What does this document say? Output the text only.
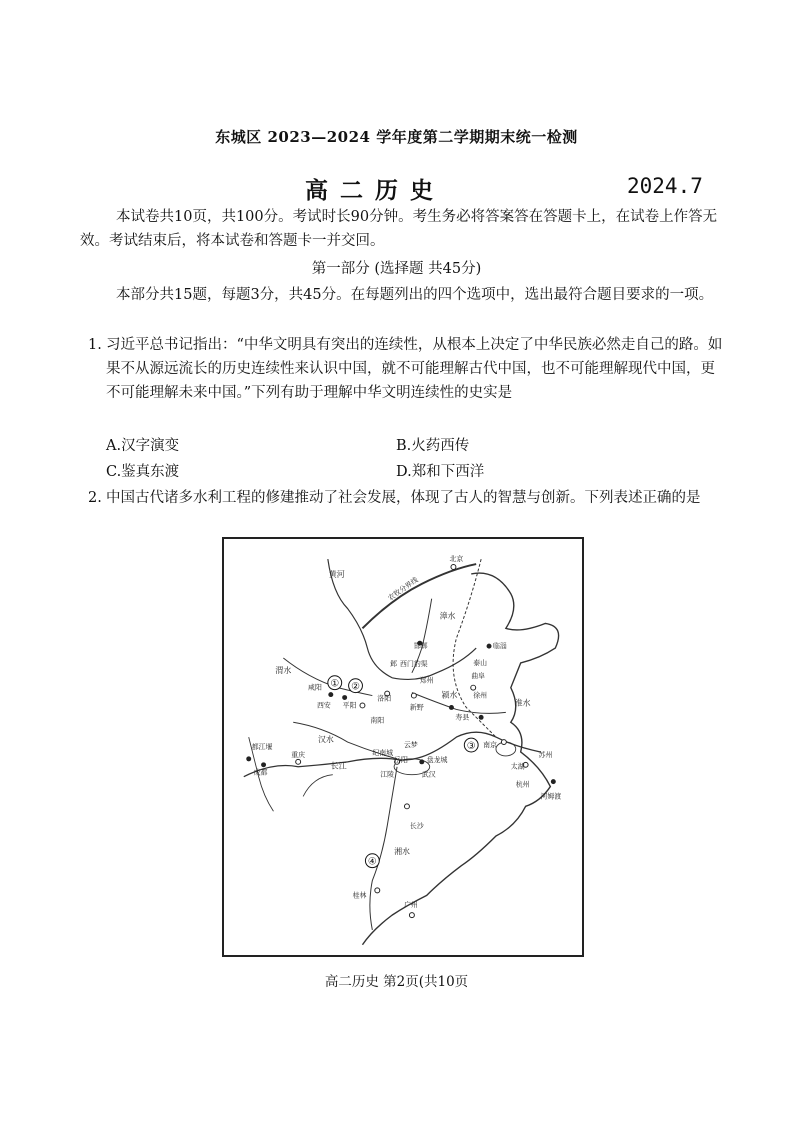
东城区 2023—2024 学年度第二学期期末统一检测
高二历史	2024.7
本试卷共10页，共100分。考试时长90分钟。考生务必将答案答在答题卡上，在试卷上作答无效。考试结束后，将本试卷和答题卡一并交回。
第一部分 (选择题 共45分)
本部分共15题，每题3分，共45分。在每题列出的四个选项中，选出最符合题目要求的一项。
1. 习近平总书记指出：“中华文明具有突出的连续性，从根本上决定了中华民族必然走自己的路。如果不从源远流长的历史连续性来认识中国，就不可能理解古代中国，也不可能理解现代中国，更不可能理解未来中国。”下列有助于理解中华文明连续性的史实是
A.汉字演变	B.火药西传
C.鉴真东渡	D.郑和下西洋
2. 中国古代诸多水利工程的修建推动了社会发展，体现了古人的智慧与创新。下列表述正确的是
① ②
③
④
黄河
北京
农牧分界线
漳水
邯郸
邺 西门豹渠
临淄
泰山
曲阜
渭水
咸阳
西安 平阳
洛阳
郑州
徐州
淮水
颍水
南阳
新野
寿县
南京
苏州
太湖
杭州
河姆渡
汉水
都江堰
成都
重庆
长江
纪南城
云梦
盘龙城
江陵	武汉
岳阳
长沙
湘水
桂林
广州
高二历史 第2页(共10页
